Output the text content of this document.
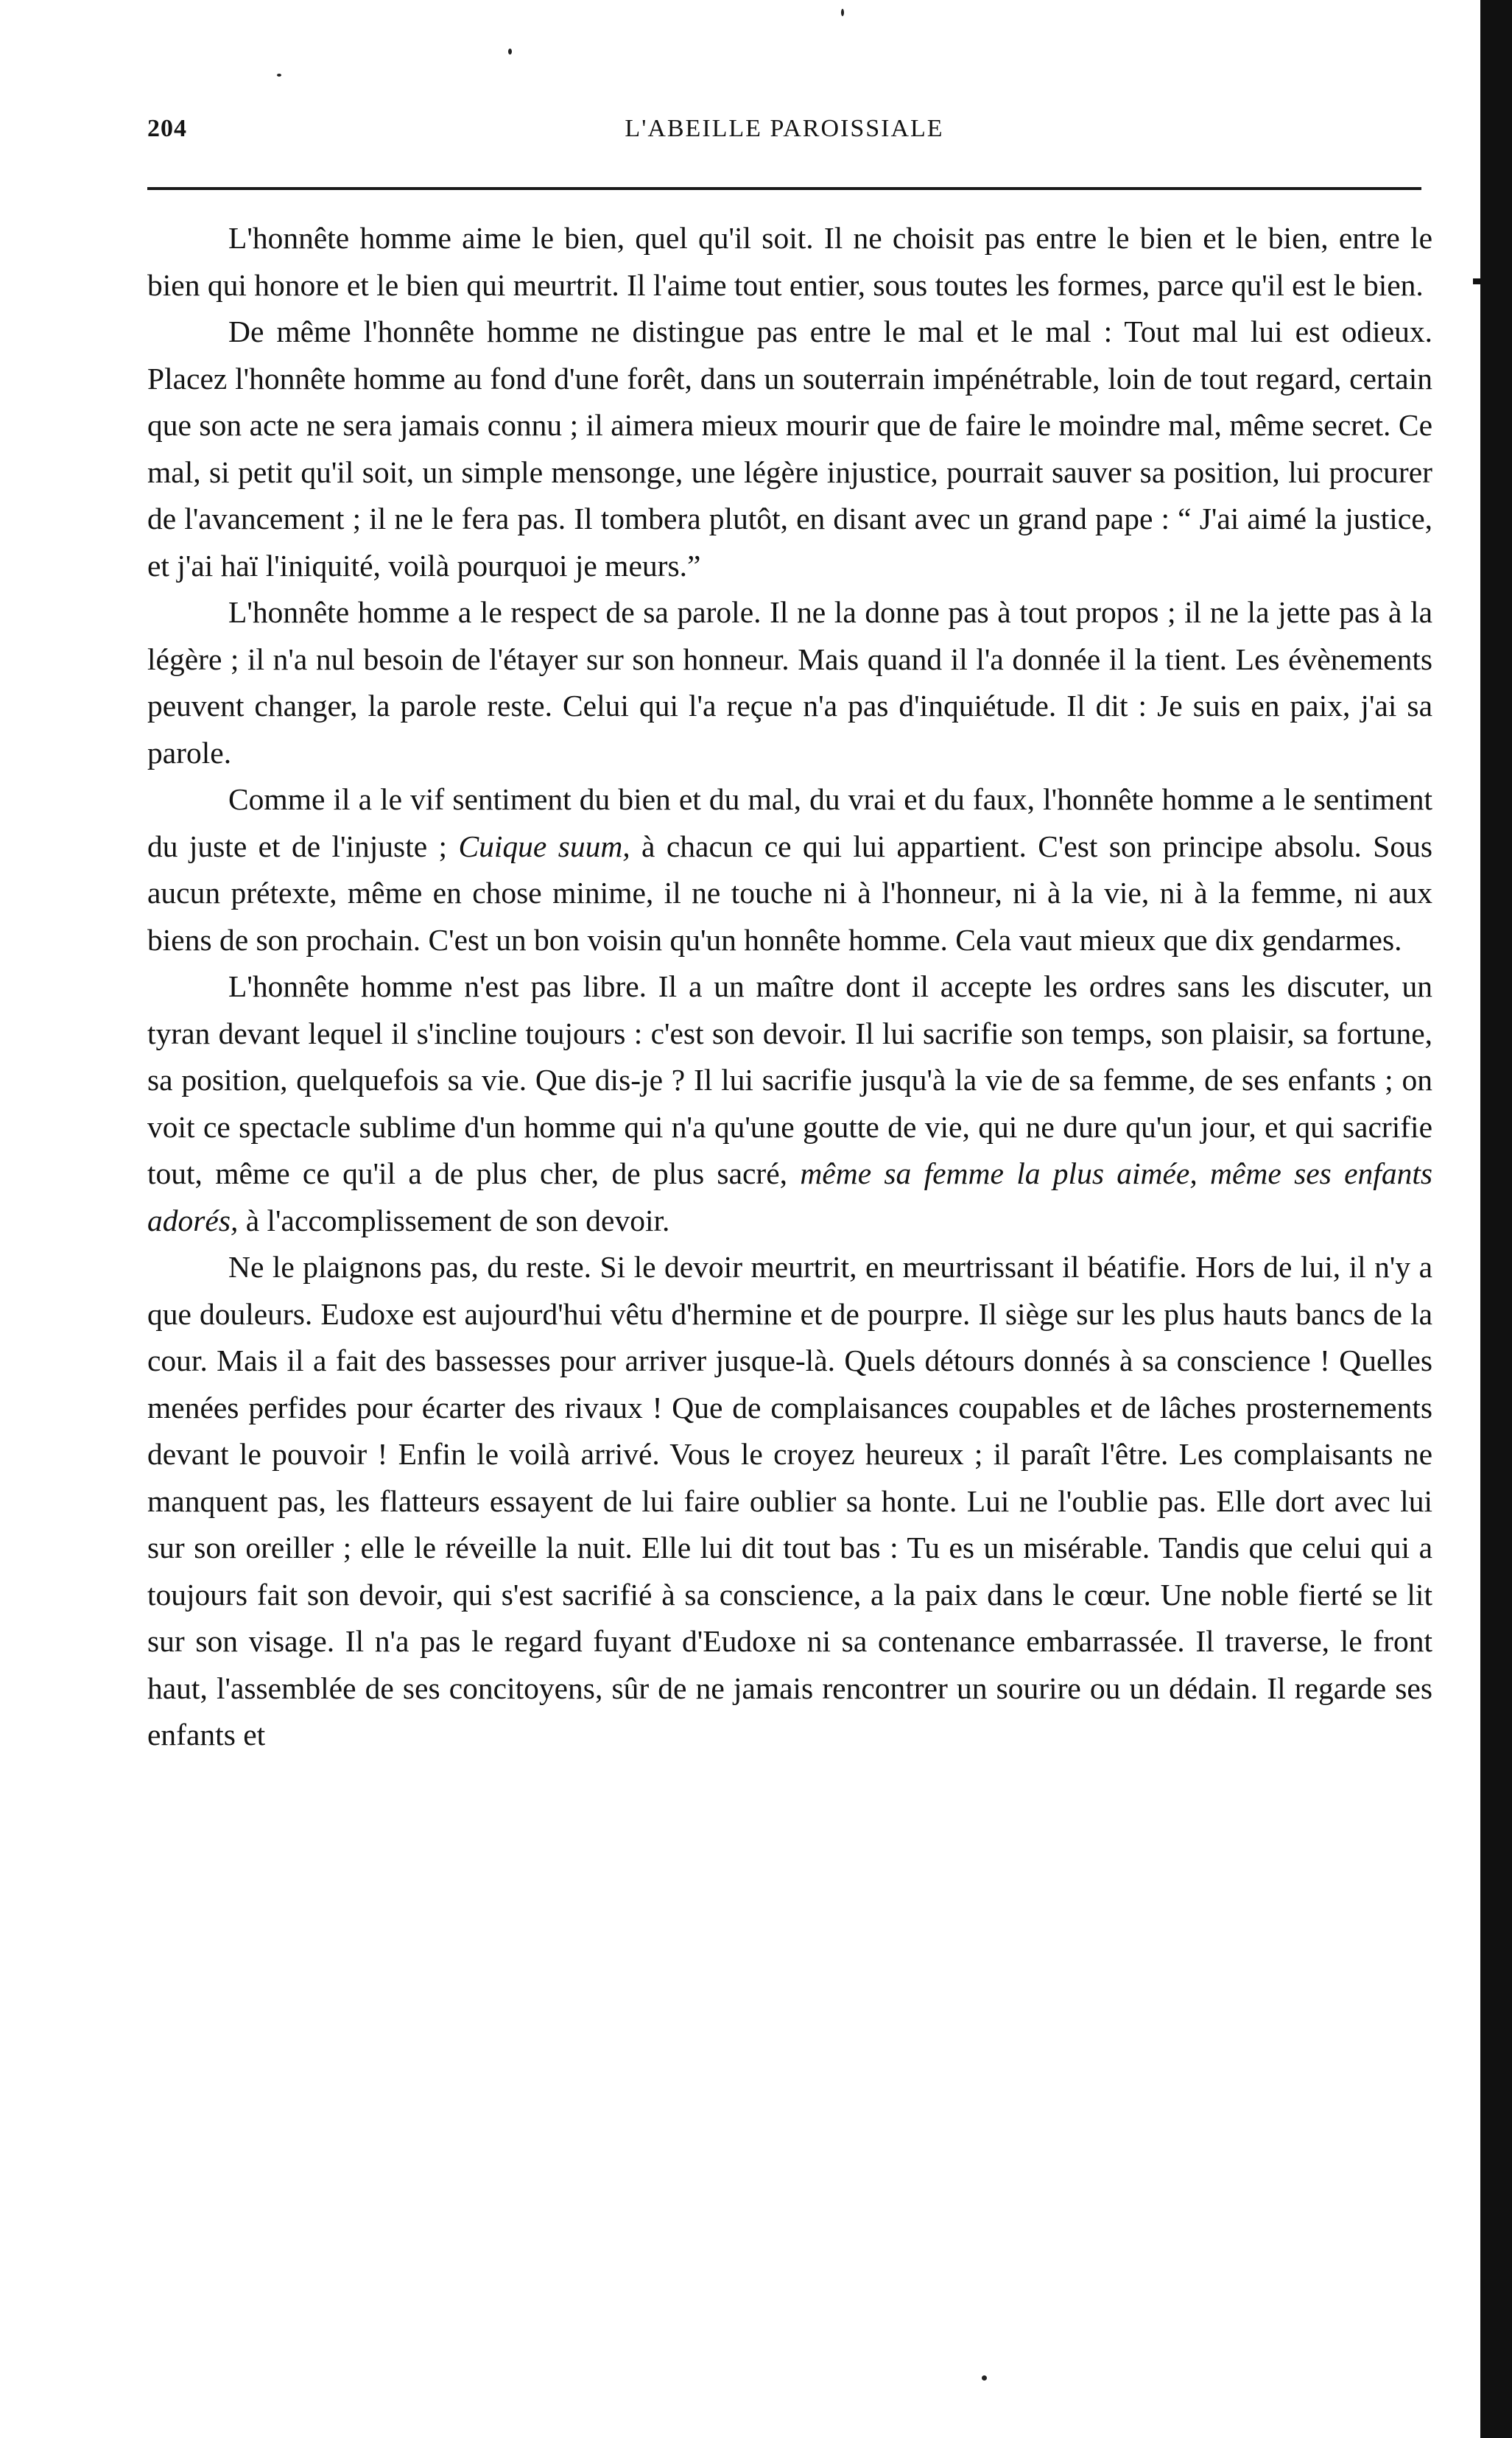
204	L'ABEILLE PAROISSIALE

L'honnête homme aime le bien, quel qu'il soit. Il ne choisit pas entre le bien et le bien, entre le bien qui honore et le bien qui meurtrit. Il l'aime tout entier, sous toutes les formes, parce qu'il est le bien.

De même l'honnête homme ne distingue pas entre le mal et le mal : Tout mal lui est odieux. Placez l'honnête homme au fond d'une forêt, dans un souterrain impénétrable, loin de tout regard, certain que son acte ne sera jamais connu ; il aimera mieux mourir que de faire le moindre mal, même secret. Ce mal, si petit qu'il soit, un simple mensonge, une légère injustice, pourrait sauver sa position, lui procurer de l'avancement ; il ne le fera pas. Il tombera plutôt, en disant avec un grand pape : “ J'ai aimé la justice, et j'ai haï l'iniquité, voilà pourquoi je meurs.”

L'honnête homme a le respect de sa parole. Il ne la donne pas à tout propos ; il ne la jette pas à la légère ; il n'a nul besoin de l'étayer sur son honneur. Mais quand il l'a donnée il la tient. Les évènements peuvent changer, la parole reste. Celui qui l'a reçue n'a pas d'inquiétude. Il dit : Je suis en paix, j'ai sa parole.

Comme il a le vif sentiment du bien et du mal, du vrai et du faux, l'honnête homme a le sentiment du juste et de l'injuste ; Cuique suum, à chacun ce qui lui appartient. C'est son principe absolu. Sous aucun prétexte, même en chose minime, il ne touche ni à l'honneur, ni à la vie, ni à la femme, ni aux biens de son prochain. C'est un bon voisin qu'un honnête homme. Cela vaut mieux que dix gendarmes.

L'honnête homme n'est pas libre. Il a un maître dont il accepte les ordres sans les discuter, un tyran devant lequel il s'incline toujours : c'est son devoir. Il lui sacrifie son temps, son plaisir, sa fortune, sa position, quelquefois sa vie. Que dis-je ? Il lui sacrifie jusqu'à la vie de sa femme, de ses enfants ; on voit ce spectacle sublime d'un homme qui n'a qu'une goutte de vie, qui ne dure qu'un jour, et qui sacrifie tout, même ce qu'il a de plus cher, de plus sacré, même sa femme la plus aimée, même ses enfants adorés, à l'accomplissement de son devoir.

Ne le plaignons pas, du reste. Si le devoir meurtrit, en meurtrissant il béatifie. Hors de lui, il n'y a que douleurs. Eudoxe est aujourd'hui vêtu d'hermine et de pourpre. Il siège sur les plus hauts bancs de la cour. Mais il a fait des bassesses pour arriver jusque-là. Quels détours donnés à sa conscience ! Quelles menées perfides pour écarter des rivaux ! Que de complaisances coupables et de lâches prosternements devant le pouvoir ! Enfin le voilà arrivé. Vous le croyez heureux ; il paraît l'être. Les complaisants ne manquent pas, les flatteurs essayent de lui faire oublier sa honte. Lui ne l'oublie pas. Elle dort avec lui sur son oreiller ; elle le réveille la nuit. Elle lui dit tout bas : Tu es un misérable. Tandis que celui qui a toujours fait son devoir, qui s'est sacrifié à sa conscience, a la paix dans le cœur. Une noble fierté se lit sur son visage. Il n'a pas le regard fuyant d'Eudoxe ni sa contenance embarrassée. Il traverse, le front haut, l'assemblée de ses concitoyens, sûr de ne jamais rencontrer un sourire ou un dédain. Il regarde ses enfants et
